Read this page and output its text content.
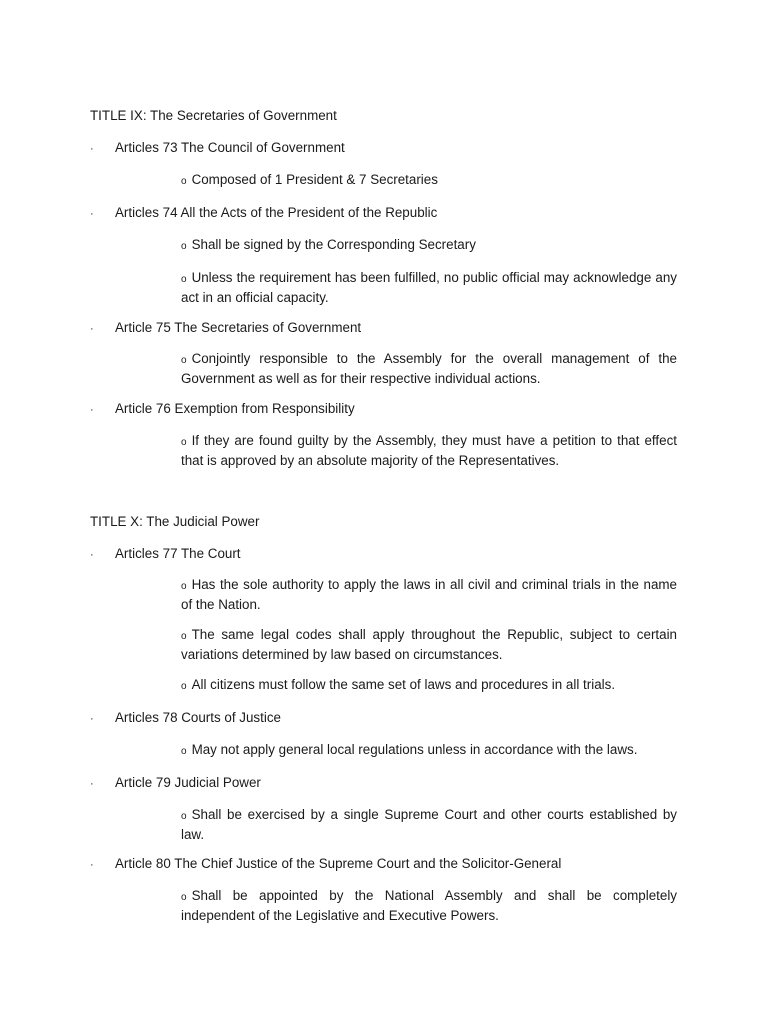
TITLE IX: The Secretaries of Government
· Articles 73 The Council of Government
o Composed of 1 President & 7 Secretaries
· Articles 74 All the Acts of the President of the Republic
o Shall be signed by the Corresponding Secretary
o Unless the requirement has been fulfilled, no public official may acknowledge any act in an official capacity.
· Article 75 The Secretaries of Government
o Conjointly responsible to the Assembly for the overall management of the Government as well as for their respective individual actions.
· Article 76 Exemption from Responsibility
o If they are found guilty by the Assembly, they must have a petition to that effect that is approved by an absolute majority of the Representatives.
TITLE X: The Judicial Power
· Articles 77 The Court
o Has the sole authority to apply the laws in all civil and criminal trials in the name of the Nation.
o The same legal codes shall apply throughout the Republic, subject to certain variations determined by law based on circumstances.
o All citizens must follow the same set of laws and procedures in all trials.
· Articles 78 Courts of Justice
o May not apply general local regulations unless in accordance with the laws.
· Article 79 Judicial Power
o Shall be exercised by a single Supreme Court and other courts established by law.
· Article 80 The Chief Justice of the Supreme Court and the Solicitor-General
o Shall be appointed by the National Assembly and shall be completely independent of the Legislative and Executive Powers.
